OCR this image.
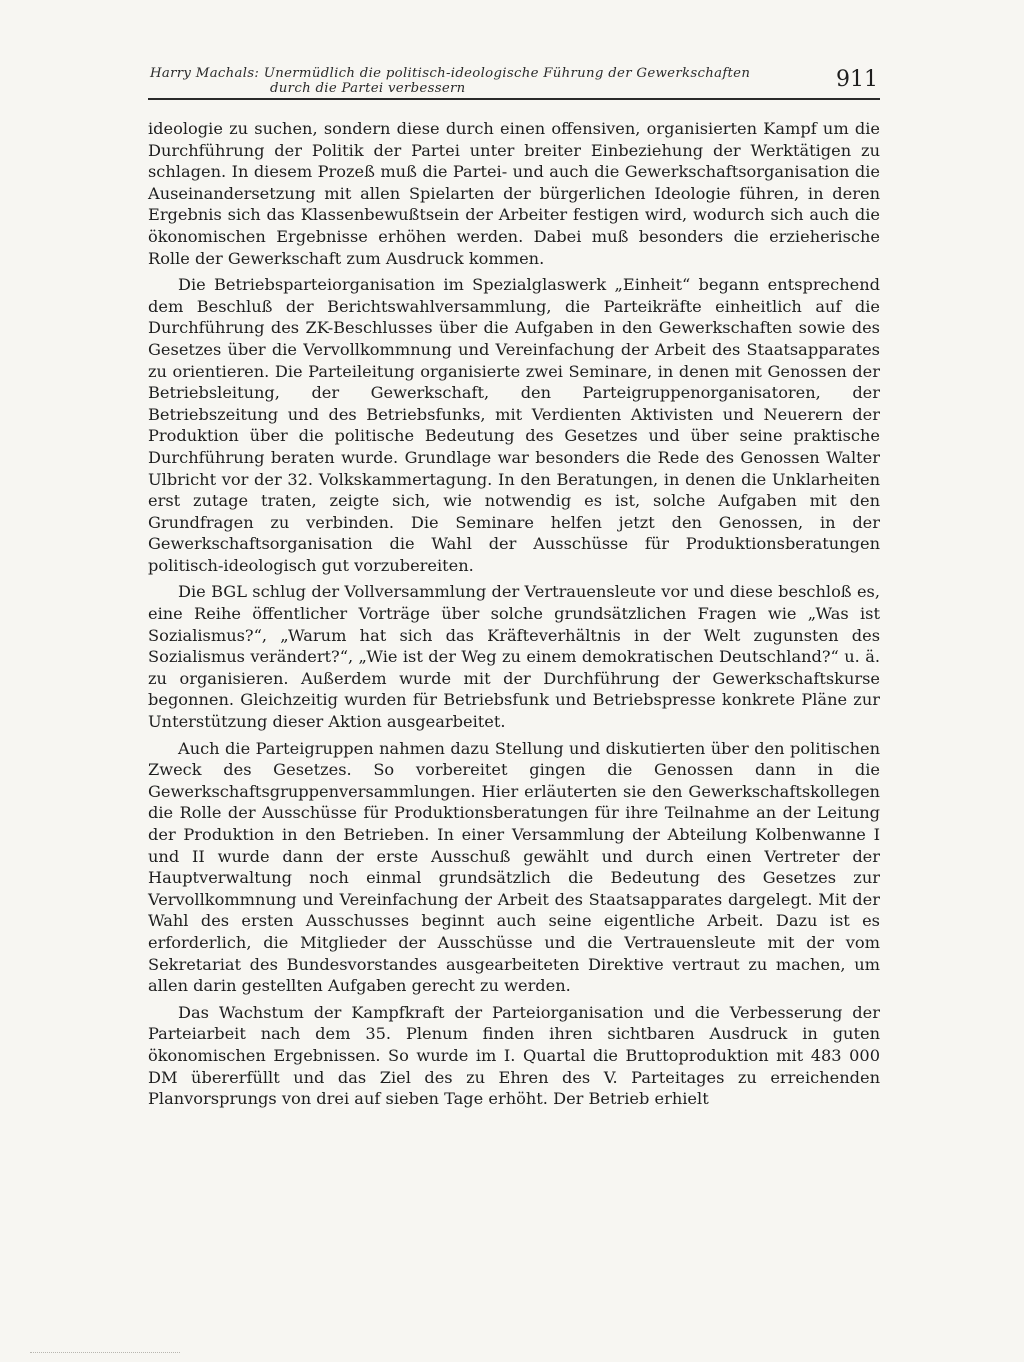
Harry Machals: Unermüdlich die politisch-ideologische Führung der Gewerkschaften
durch die Partei verbessern	911

ideologie zu suchen, sondern diese durch einen offensiven, organisierten Kampf um die Durchführung der Politik der Partei unter breiter Einbeziehung der Werktätigen zu schlagen. In diesem Prozeß muß die Partei- und auch die Gewerkschaftsorganisation die Auseinandersetzung mit allen Spielarten der bürgerlichen Ideologie führen, in deren Ergebnis sich das Klassenbewußtsein der Arbeiter festigen wird, wodurch sich auch die ökonomischen Ergebnisse erhöhen werden. Dabei muß besonders die erzieherische Rolle der Gewerkschaft zum Ausdruck kommen.

Die Betriebsparteiorganisation im Spezialglaswerk „Einheit“ begann entsprechend dem Beschluß der Berichtswahlversammlung, die Parteikräfte einheitlich auf die Durchführung des ZK-Beschlusses über die Aufgaben in den Gewerkschaften sowie des Gesetzes über die Vervollkommnung und Vereinfachung der Arbeit des Staatsapparates zu orientieren. Die Parteileitung organisierte zwei Seminare, in denen mit Genossen der Betriebsleitung, der Gewerkschaft, den Parteigruppenorganisatoren, der Betriebszeitung und des Betriebsfunks, mit Verdienten Aktivisten und Neuerern der Produktion über die politische Bedeutung des Gesetzes und über seine praktische Durchführung beraten wurde. Grundlage war besonders die Rede des Genossen Walter Ulbricht vor der 32. Volkskammertagung. In den Beratungen, in denen die Unklarheiten erst zutage traten, zeigte sich, wie notwendig es ist, solche Aufgaben mit den Grundfragen zu verbinden. Die Seminare helfen jetzt den Genossen, in der Gewerkschaftsorganisation die Wahl der Ausschüsse für Produktionsberatungen politisch-ideologisch gut vorzubereiten.

Die BGL schlug der Vollversammlung der Vertrauensleute vor und diese beschloß es, eine Reihe öffentlicher Vorträge über solche grundsätzlichen Fragen wie „Was ist Sozialismus?“, „Warum hat sich das Kräfteverhältnis in der Welt zugunsten des Sozialismus verändert?“, „Wie ist der Weg zu einem demokratischen Deutschland?“ u. ä. zu organisieren. Außerdem wurde mit der Durchführung der Gewerkschaftskurse begonnen. Gleichzeitig wurden für Betriebsfunk und Betriebspresse konkrete Pläne zur Unterstützung dieser Aktion ausgearbeitet.

Auch die Parteigruppen nahmen dazu Stellung und diskutierten über den politischen Zweck des Gesetzes. So vorbereitet gingen die Genossen dann in die Gewerkschaftsgruppenversammlungen. Hier erläuterten sie den Gewerkschaftskollegen die Rolle der Ausschüsse für Produktionsberatungen für ihre Teilnahme an der Leitung der Produktion in den Betrieben. In einer Versammlung der Abteilung Kolbenwanne I und II wurde dann der erste Ausschuß gewählt und durch einen Vertreter der Hauptverwaltung noch einmal grundsätzlich die Bedeutung des Gesetzes zur Vervollkommnung und Vereinfachung der Arbeit des Staatsapparates dargelegt. Mit der Wahl des ersten Ausschusses beginnt auch seine eigentliche Arbeit. Dazu ist es erforderlich, die Mitglieder der Ausschüsse und die Vertrauensleute mit der vom Sekretariat des Bundesvorstandes ausgearbeiteten Direktive vertraut zu machen, um allen darin gestellten Aufgaben gerecht zu werden.

Das Wachstum der Kampfkraft der Parteiorganisation und die Verbesserung der Parteiarbeit nach dem 35. Plenum finden ihren sichtbaren Ausdruck in guten ökonomischen Ergebnissen. So wurde im I. Quartal die Bruttoproduktion mit 483 000 DM übererfüllt und das Ziel des zu Ehren des V. Parteitages zu erreichenden Planvorsprungs von drei auf sieben Tage erhöht. Der Betrieb erhielt
